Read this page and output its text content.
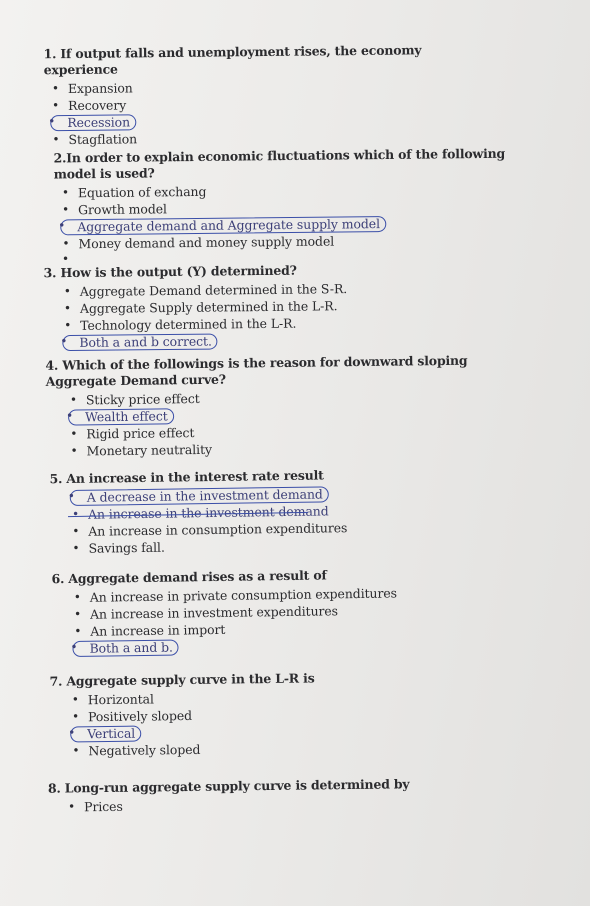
1. If output falls and unemployment rises, the economy experience
• Expansion
• Recovery
• Recession
• Stagflation
2.In order to explain economic fluctuations which of the following model is used?
• Equation of exchang
• Growth model
• Aggregate demand and Aggregate supply model
• Money demand and money supply model
•
3. How is the output (Y) determined?
• Aggregate Demand determined in the S-R.
• Aggregate Supply determined in the L-R.
• Technology determined in the L-R.
• Both a and b correct.
4. Which of the followings is the reason for downward sloping Aggregate Demand curve?
• Sticky price effect
• Wealth effect
• Rigid price effect
• Monetary neutrality
5. An increase in the interest rate result
• A decrease in the investment demand
• An increase in the investment demand
• An increase in consumption expenditures
• Savings fall.
6. Aggregate demand rises as a result of
• An increase in private consumption expenditures
• An increase in investment expenditures
• An increase in import
• Both a and b.
7. Aggregate supply curve in the L-R is
• Horizontal
• Positively sloped
• Vertical
• Negatively sloped
8. Long-run aggregate supply curve is determined by
• Prices
